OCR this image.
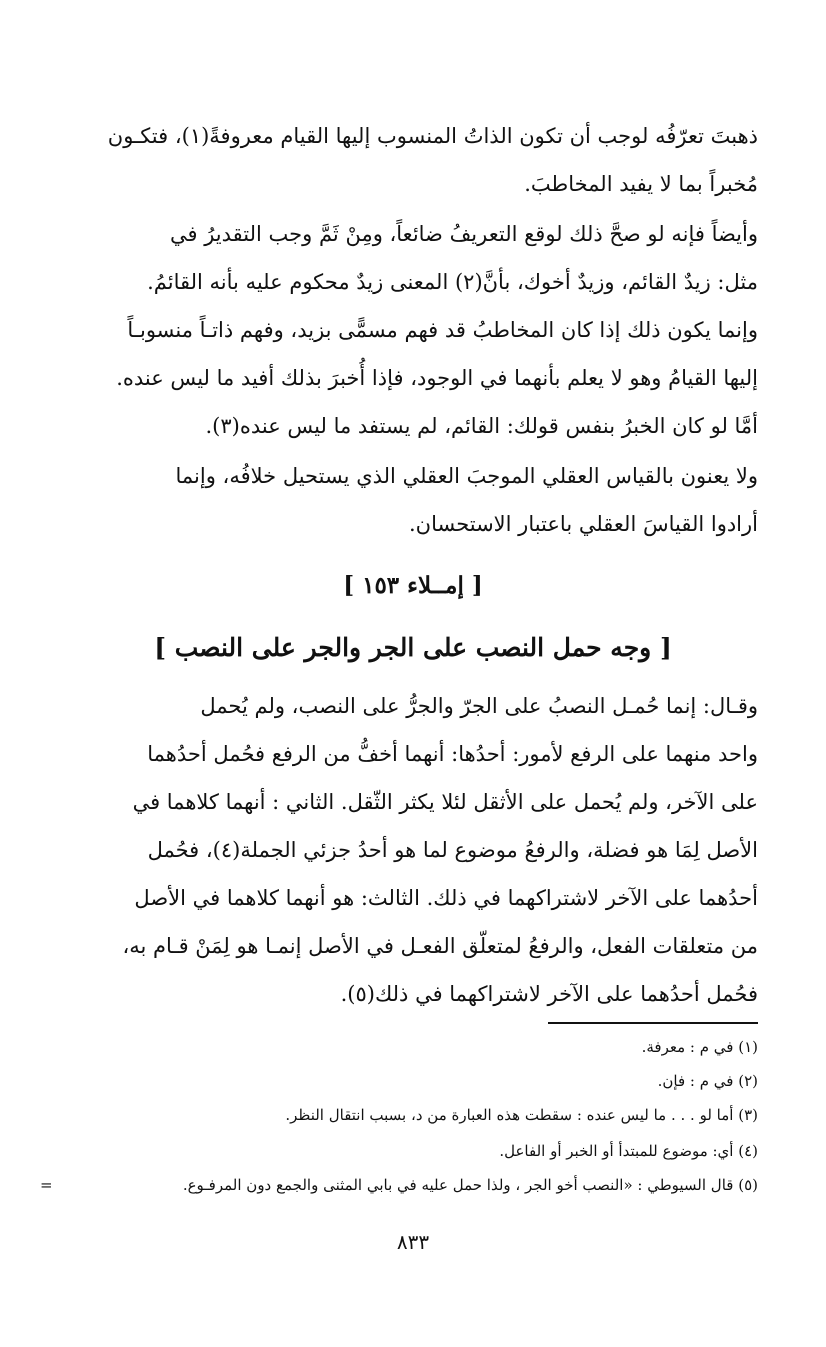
ذهبتَ تعرّفُه لوجب أن تكون الذاتُ المنسوب إليها القيام معروفةً(١)، فتكـون
مُخبراً بما لا يفيد المخاطبَ.
وأيضاً فإنه لو صحَّ ذلك لوقع التعريفُ ضائعاً، ومِنْ ثَمَّ وجب التقديرُ في
مثل: زيدٌ القائم، وزيدٌ أخوك، بأنَّ(٢) المعنى زيدٌ محكوم عليه بأنه القائمُ.
وإنما يكون ذلك إذا كان المخاطبُ قد فهم مسمًّى بزيد، وفهم ذاتـاً منسوبـاً
إليها القيامُ وهو لا يعلم بأنهما في الوجود، فإذا أُخبرَ بذلك أفيد ما ليس عنده.
أمَّا لو كان الخبرُ بنفس قولك: القائم، لم يستفد ما ليس عنده(٣).
ولا يعنون بالقياس العقلي الموجبَ العقلي الذي يستحيل خلافُه، وإنما
أرادوا القياسَ العقلي باعتبار الاستحسان.
[ إمــلاء ١٥٣ ]
[ وجه حمل النصب على الجر والجر على النصب ]
وقـال: إنما حُمـل النصبُ على الجرّ والجرُّ على النصب، ولم يُحمل
واحد منهما على الرفع لأمور: أحدُها: أنهما أخفُّ من الرفع فحُمل أحدُهما
على الآخر، ولم يُحمل على الأثقل لئلا يكثر الثّقل. الثاني : أنهما كلاهما في
الأصل لِمَا هو فضلة، والرفعُ موضوع لما هو أحدُ جزئي الجملة(٤)، فحُمل
أحدُهما على الآخر لاشتراكهما في ذلك. الثالث: هو أنهما كلاهما في الأصل
من متعلقات الفعل، والرفعُ لمتعلّق الفعـل في الأصل إنمـا هو لِمَنْ قـام به،
فحُمل أحدُهما على الآخر لاشتراكهما في ذلك(٥).
(١) في م : معرفة.
(٢) في م : فإن.
(٣) أما لو . . . ما ليس عنده : سقطت هذه العبارة من د، بسبب انتقال النظر.
(٤) أي: موضوع للمبتدأ أو الخبر أو الفاعل.
(٥) قال السيوطي : «النصب أخو الجر ، ولذا حمل عليه في بابي المثنى والجمع دون المرفـوع.
=
٨٣٣
